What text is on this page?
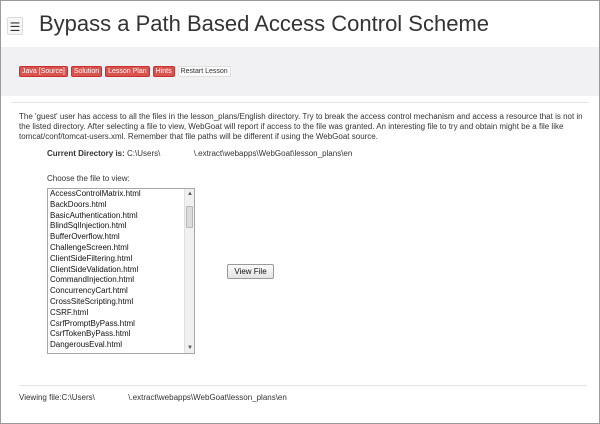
☰ Bypass a Path Based Access Control Scheme
Java [Source]	Solution	Lesson Plan	Hints	Restart Lesson
The 'guest' user has access to all the files in the lesson_plans/English directory. Try to break the access control mechanism and access a resource that is not in the listed directory. After selecting a file to view, WebGoat will report if access to the file was granted. An interesting file to try and obtain might be a file like tomcat/conf/tomcat-users.xml. Remember that file paths will be different if using the WebGoat source.
Current Directory is: C:\Users\               \.extract\webapps\WebGoat\lesson_plans\en
Choose the file to view:
AccessControlMatrix.html
BackDoors.html
BasicAuthentication.html
BlindSqlInjection.html
BufferOverflow.html
ChallengeScreen.html
ClientSideFiltering.html
ClientSideValidation.html
CommandInjection.html
ConcurrencyCart.html
CrossSiteScripting.html
CSRF.html
CsrfPromptByPass.html
CsrfTokenByPass.html
DangerousEval.html
▲
▼
View File
Viewing file:C:\Users\               \.extract\webapps\WebGoat\lesson_plans\en
